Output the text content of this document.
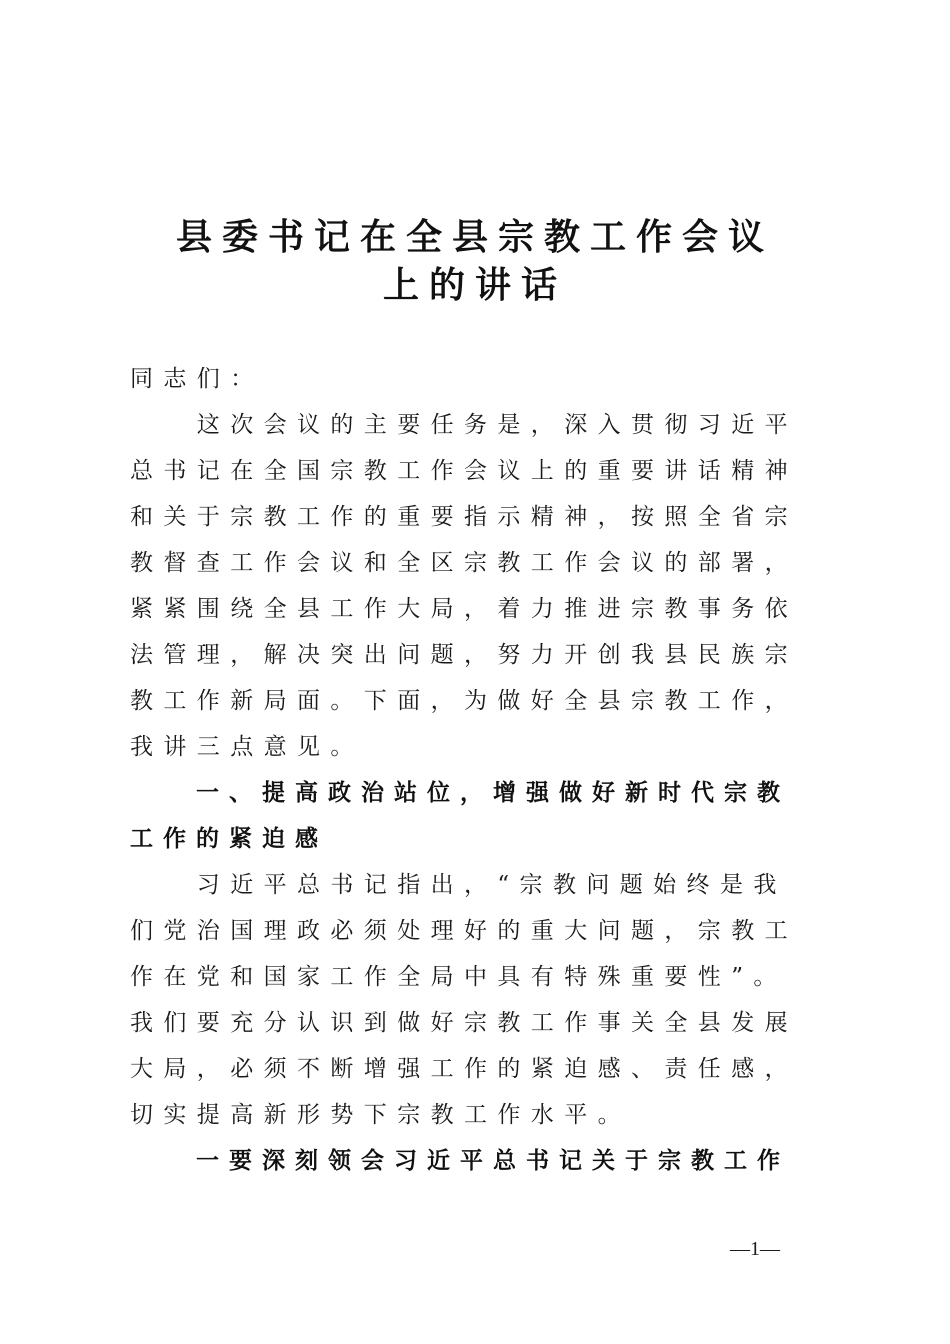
县委书记在全县宗教工作会议
上的讲话
同志们：
　　这次会议的主要任务是，深入贯彻习近平
总书记在全国宗教工作会议上的重要讲话精神
和关于宗教工作的重要指示精神，按照全省宗
教督查工作会议和全区宗教工作会议的部署，
紧紧围绕全县工作大局，着力推进宗教事务依
法管理，解决突出问题，努力开创我县民族宗
教工作新局面。下面，为做好全县宗教工作，
我讲三点意见。
　　一、提高政治站位，增强做好新时代宗教
工作的紧迫感
　　习近平总书记指出，“宗教问题始终是我
们党治国理政必须处理好的重大问题，宗教工
作在党和国家工作全局中具有特殊重要性”。
我们要充分认识到做好宗教工作事关全县发展
大局，必须不断增强工作的紧迫感、责任感，
切实提高新形势下宗教工作水平。
　　一要深刻领会习近平总书记关于宗教工作
—1—
